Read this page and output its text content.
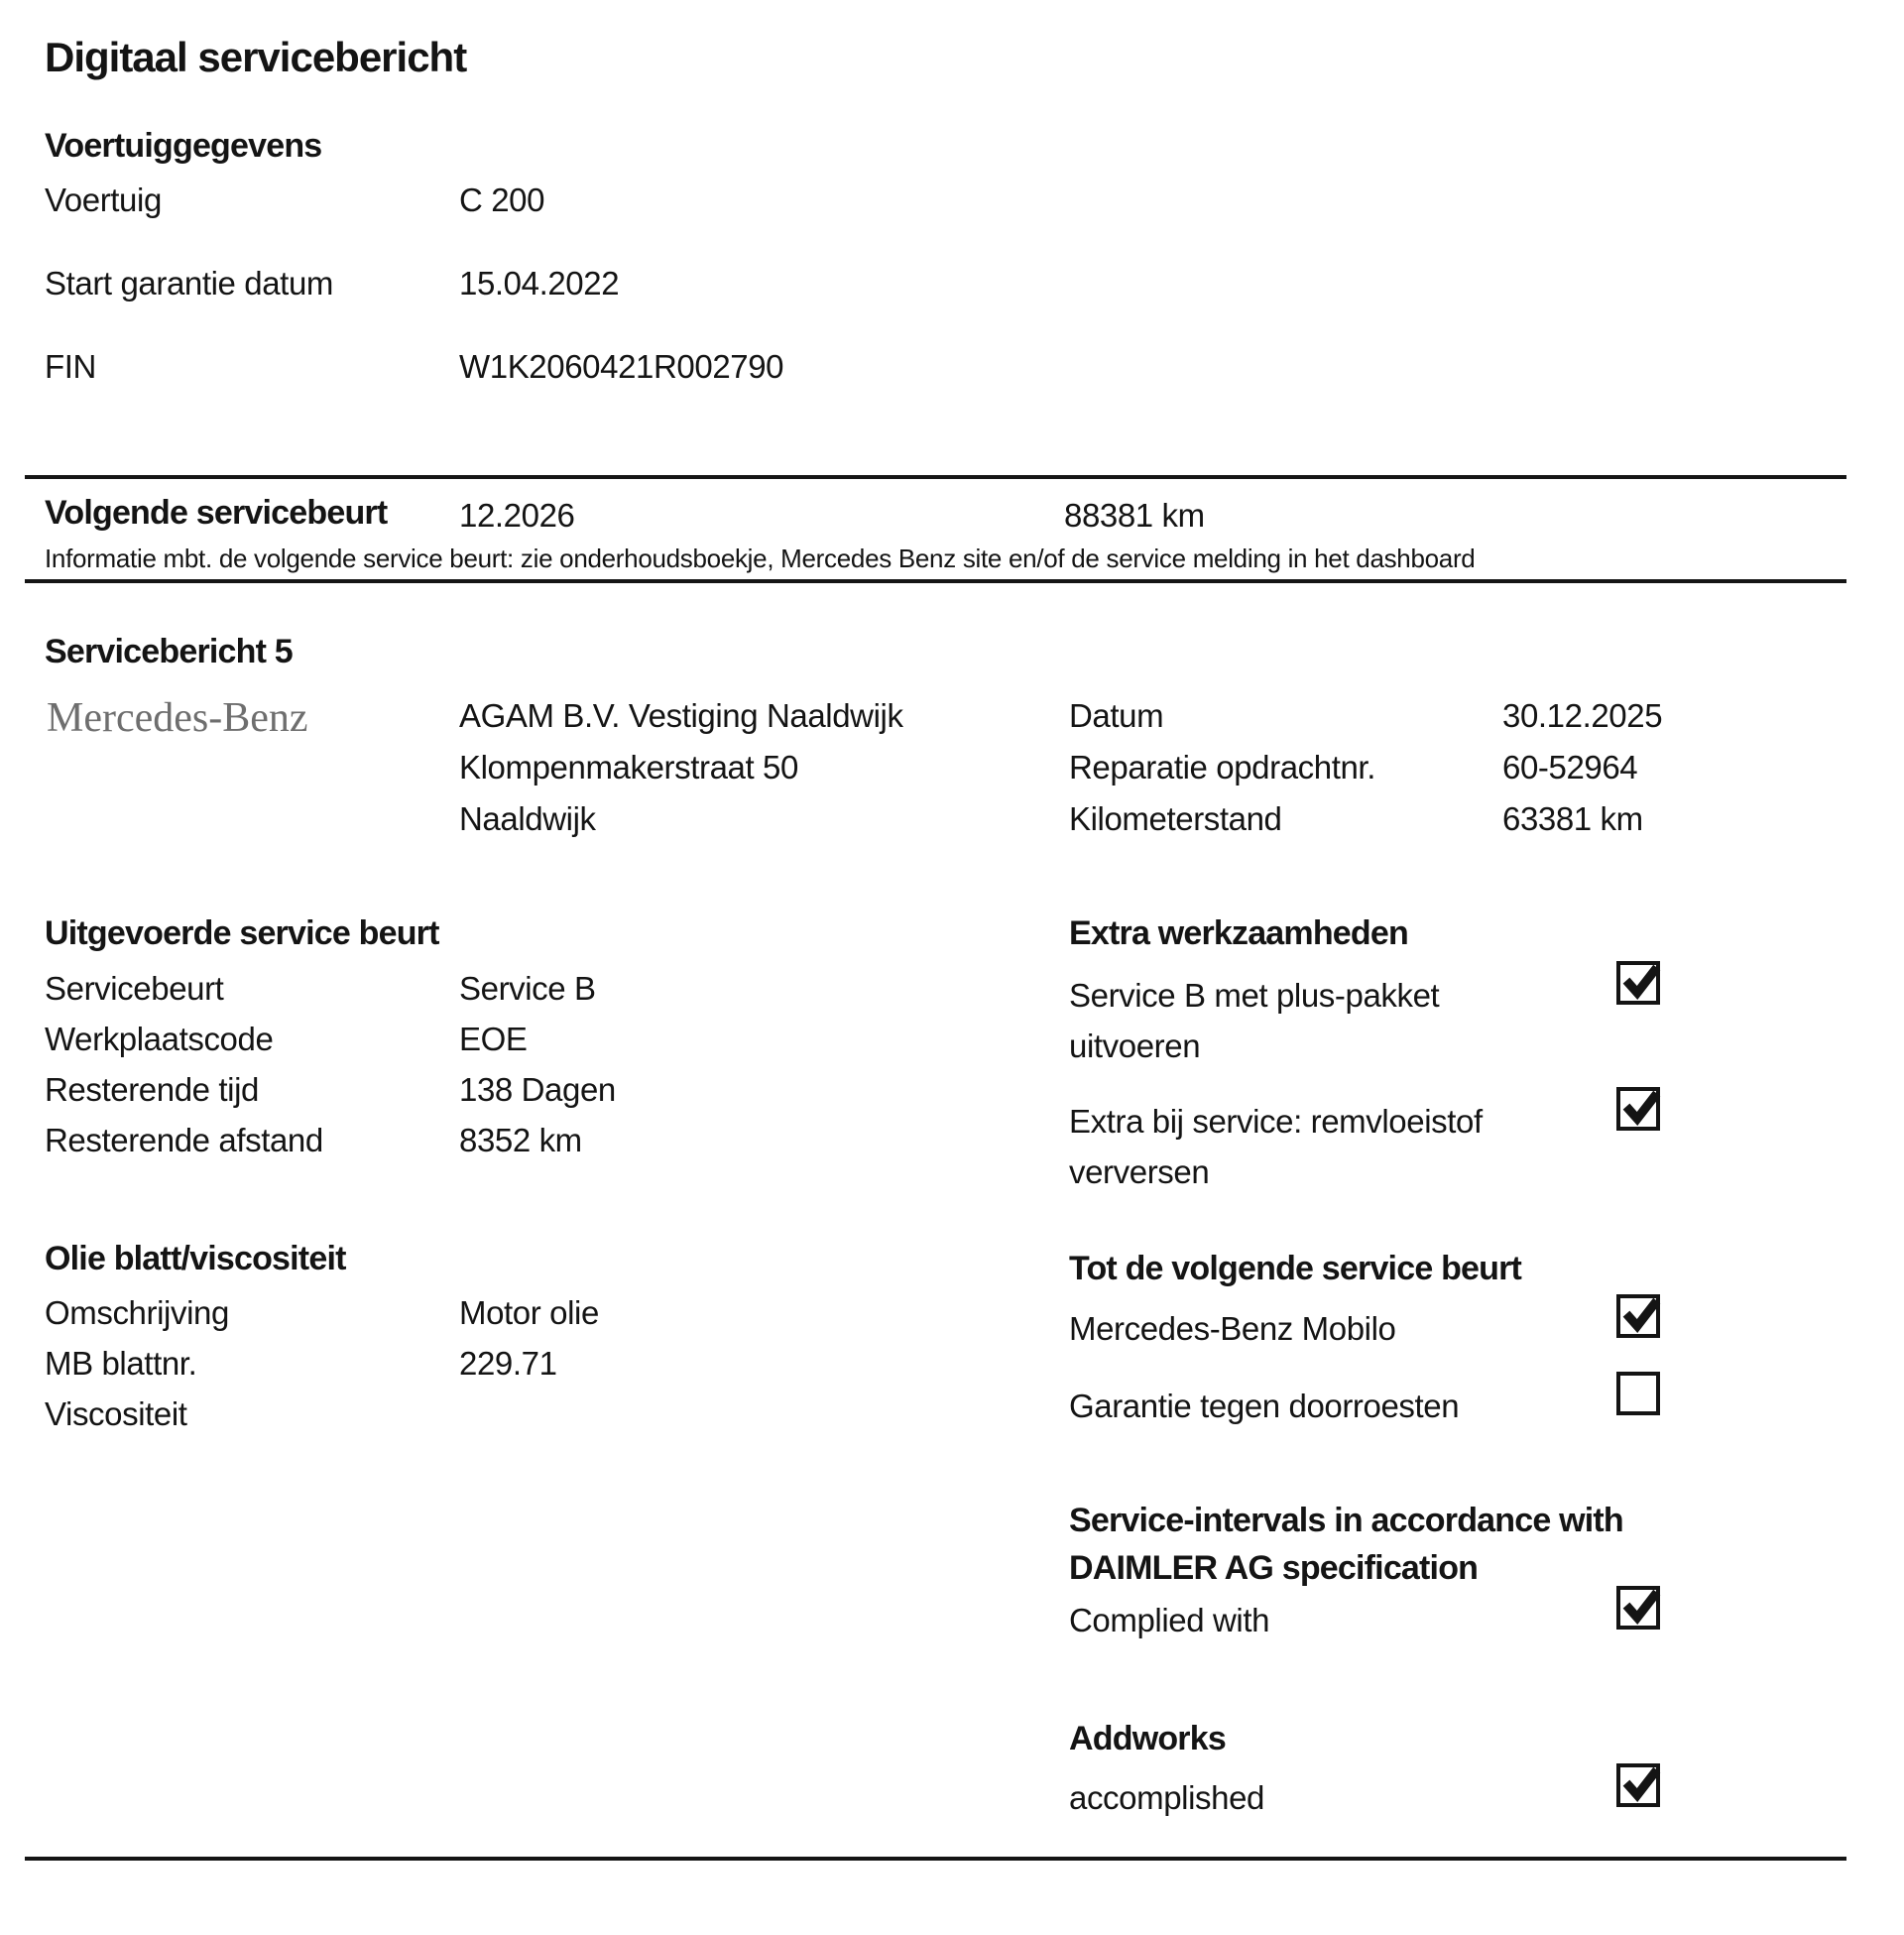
Digitaal servicebericht
Voertuiggegevens
Voertuig	C 200
Start garantie datum	15.04.2022
FIN	W1K2060421R002790
Volgende servicebeurt 12.2026	88381 km
Informatie mbt. de volgende service beurt: zie onderhoudsboekje, Mercedes Benz site en/of de service melding in het dashboard
Servicebericht 5
Mercedes-Benz	AGAM B.V. Vestiging Naaldwijk
Klompenmakerstraat 50
Naaldwijk
Datum	30.12.2025
Reparatie opdrachtnr.	60-52964
Kilometerstand	63381 km
Uitgevoerde service beurt
Servicebeurt	Service B
Werkplaatscode	EOE
Resterende tijd	138 Dagen
Resterende afstand	8352 km
Olie blatt/viscositeit
Omschrijving	Motor olie
MB blattnr.	229.71
Viscositeit
Extra werkzaamheden
Service B met plus-pakket uitvoeren
Extra bij service: remvloeistof verversen
Tot de volgende service beurt
Mercedes-Benz Mobilo
Garantie tegen doorroesten
Service-intervals in accordance with DAIMLER AG specification
Complied with
Addworks
accomplished
